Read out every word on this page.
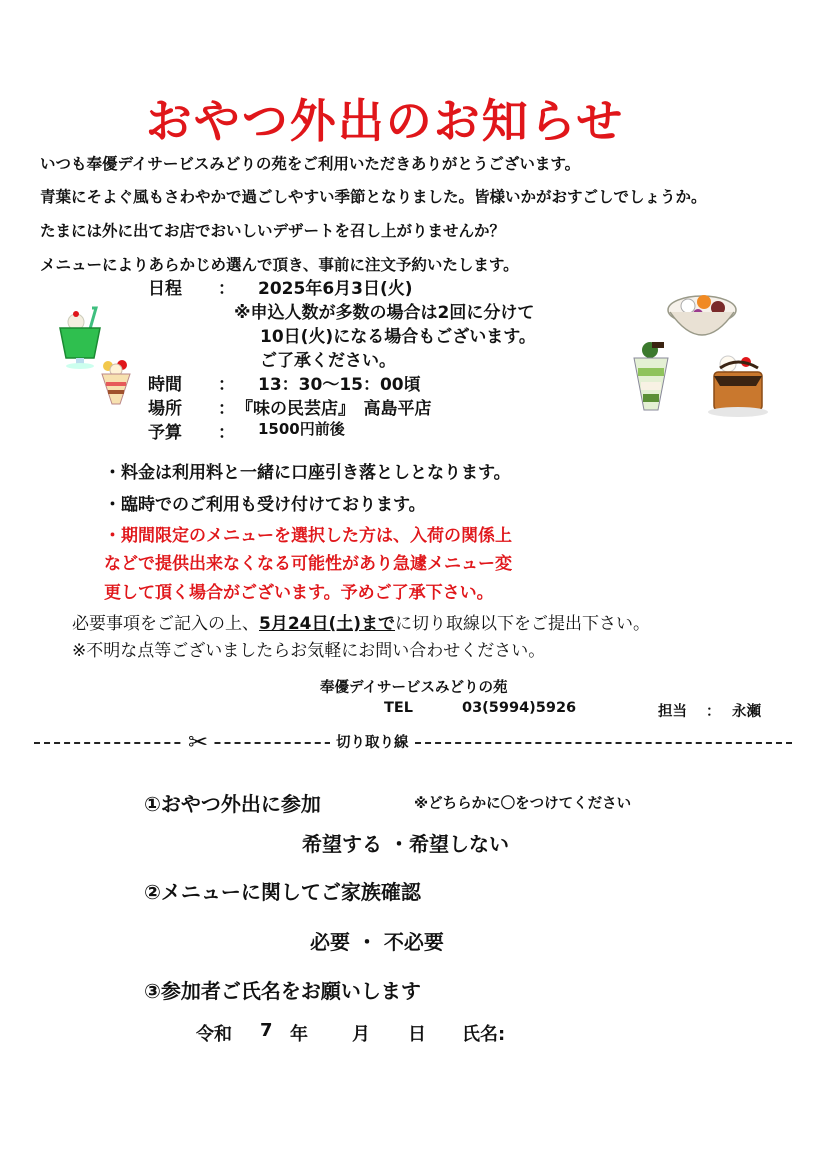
おやつ外出のお知らせ
いつも奉優デイサービスみどりの苑をご利用いただきありがとうございます。
青葉にそよぐ風もさわやかで過ごしやすい季節となりました。皆様いかがおすごしでしょうか。
たまには外に出てお店でおいしいデザートを召し上がりませんか？
メニューによりあらかじめ選んで頂き、事前に注文予約いたします。
日程 ： 2025年6月3日(火)
※申込人数が多数の場合は2回に分けて
10日(火)になる場合もございます。
ご了承ください。
時間 ： 13：30～15：00頃
場所 ： 『味の民芸店』　高島平店
予算 ： 1500円前後
・料金は利用料と一緒に口座引き落としとなります。
・臨時でのご利用も受け付けております。
・期間限定のメニューを選択した方は、入荷の関係上
などで提供出来なくなる可能性があり急遽メニュー変
更して頂く場合がございます。予めご了承下さい。
必要事項をご記入の上、5月24日(土)までに切り取線以下をご提出下さい。
※不明な点等ございましたらお気軽にお問い合わせください。
奉優デイサービスみどりの苑
TEL	03(5994)5926	担当 ： 永瀬
✂	切り取り線
①おやつ外出に参加	※どちらかに〇をつけてください
希望する ・希望しない
②メニューに関してご家族確認
必要 ・ 不必要
③参加者ご氏名をお願いします
令和 7 年 月 日 氏名:
